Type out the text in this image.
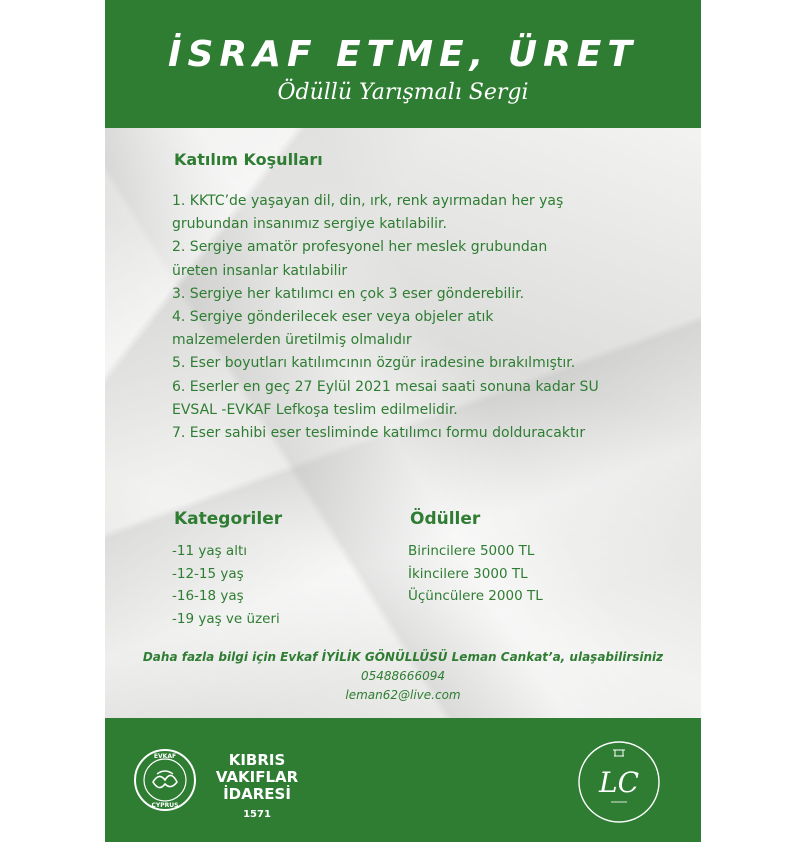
İSRAF ETME, ÜRET
Ödüllü Yarışmalı Sergi
Katılım Koşulları
1. KKTC’de yaşayan dil, din, ırk, renk ayırmadan her yaş
grubundan insanımız sergiye katılabilir.
2. Sergiye amatör profesyonel her meslek grubundan
üreten insanlar katılabilir
3. Sergiye her katılımcı en çok 3 eser gönderebilir.
4. Sergiye gönderilecek eser veya objeler atık
malzemelerden üretilmiş olmalıdır
5. Eser boyutları katılımcının özgür iradesine bırakılmıştır.
6. Eserler en geç 27 Eylül 2021 mesai saati sonuna kadar SU
EVSAL -EVKAF Lefkoşa teslim edilmelidir.
7. Eser sahibi eser tesliminde katılımcı formu dolduracaktır
Kategoriler
-11 yaş altı
-12-15 yaş
-16-18 yaş
-19 yaş ve üzeri
Ödüller
Birincilere 5000 TL
İkincilere 3000 TL
Üçüncülere 2000 TL
Daha fazla bilgi için Evkaf İYİLİK GÖNÜLLÜSÜ Leman Cankat’a, ulaşabilirsiniz
05488666094
leman62@live.com
EVKAF
CYPRUS
KIBRIS
VAKIFLAR
İDARESİ
1571
LC
